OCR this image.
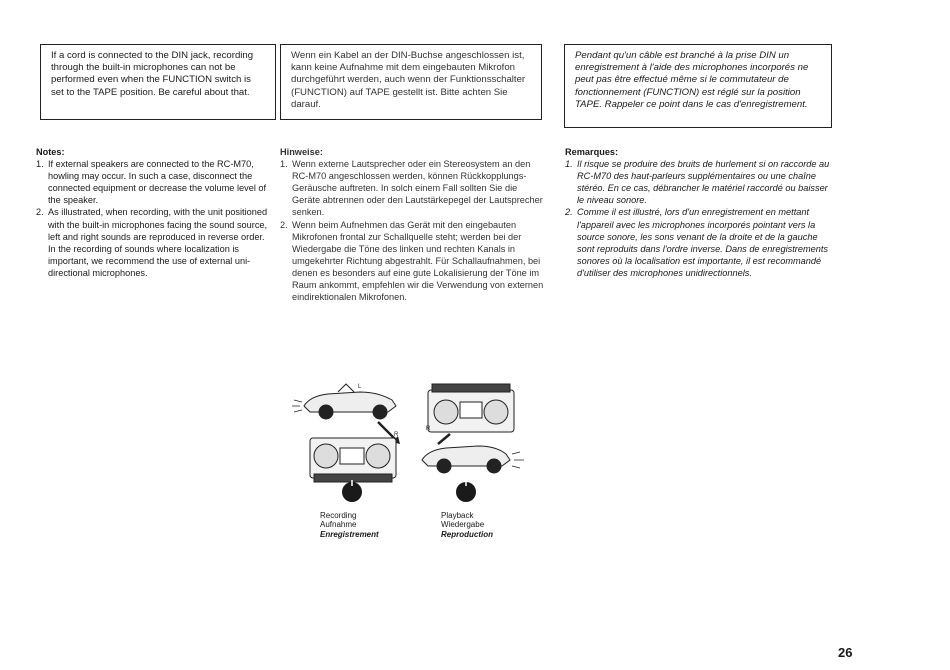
If a cord is connected to the DIN jack, recording through the built-in microphones can not be performed even when the FUNCTION switch is set to the TAPE position. Be careful about that.
Wenn ein Kabel an der DIN-Buchse angeschlossen ist, kann keine Aufnahme mit dem eingebauten Mikrofon durchgeführt werden, auch wenn der Funktionsschalter (FUNCTION) auf TAPE gestellt ist. Bitte achten Sie darauf.
Pendant qu'un câble est branché à la prise DIN un enregistrement à l'aide des microphones incorporés ne peut pas être effectué même si le commutateur de fonctionnement (FUNCTION) est réglé sur la position TAPE. Rappeler ce point dans le cas d'enregistrement.
Notes:
1. If external speakers are connected to the RC-M70, howling may occur. In such a case, disconnect the connected equipment or decrease the volume level of the speaker.
2. As illustrated, when recording, with the unit positioned with the built-in microphones facing the sound source, left and right sounds are reproduced in reverse order. In the recording of sounds where localization is important, we recommend the use of external uni-directional microphones.
Hinweise:
1. Wenn externe Lautsprecher oder ein Stereosystem an den RC-M70 angeschlossen werden, können Rückkopplungs-Geräusche auftreten. In solch einem Fall sollten Sie die Geräte abtrennen oder den Lautstärkepegel der Lautsprecher senken.
2. Wenn beim Aufnehmen das Gerät mit den eingebauten Mikrofonen frontal zur Schallquelle steht; werden bei der Wiedergabe die Töne des linken und rechten Kanals in umgekehrter Richtung abgestrahlt. Für Schallaufnahmen, bei denen es besonders auf eine gute Lokalisierung der Töne im Raum ankommt, empfehlen wir die Verwendung von externen eindirektionalen Mikrofonen.
Remarques:
1. Il risque se produire des bruits de hurlement si on raccorde au RC-M70 des haut-parleurs supplémentaires ou une chaîne stéréo. En ce cas, débrancher le matériel raccordé ou baisser le niveau sonore.
2. Comme il est illustré, lors d'un enregistrement en mettant l'appareil avec les microphones incorporés pointant vers la source sonore, les sons venant de la droite et de la gauche sont reproduits dans l'ordre inverse. Dans de enregistrements sonores où la localisation est importante, il est recommandé d'utiliser des microphones unidirectionnels.
L
R
R
Recording
Aufnahme
Enregistrement
Playback
Wiedergabe
Reproduction
26
